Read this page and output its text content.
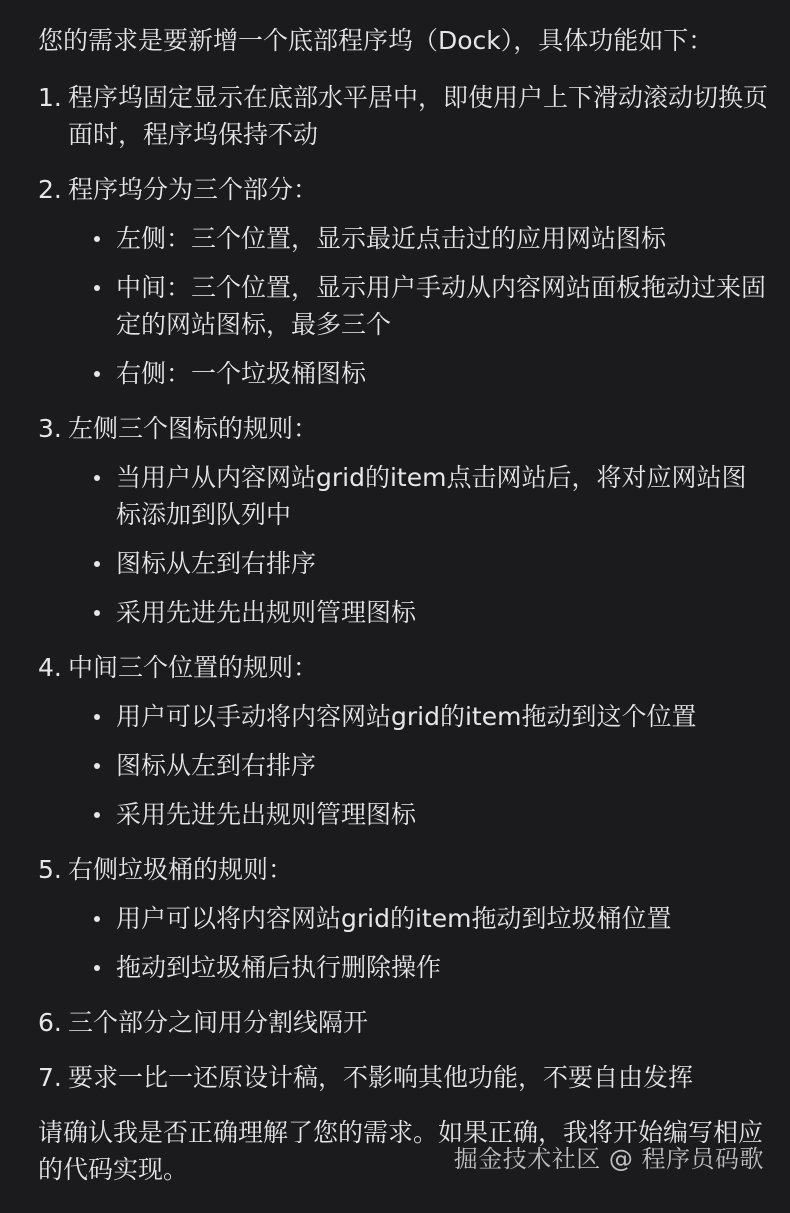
您的需求是要新增一个底部程序坞（Dock），具体功能如下：

1. 程序坞固定显示在底部水平居中，即使用户上下滑动滚动切换页面时，程序坞保持不动
2. 程序坞分为三个部分：
左侧：三个位置，显示最近点击过的应用网站图标
中间：三个位置，显示用户手动从内容网站面板拖动过来固定的网站图标，最多三个
右侧：一个垃圾桶图标
3. 左侧三个图标的规则：
当用户从内容网站grid的item点击网站后，将对应网站图标添加到队列中
图标从左到右排序
采用先进先出规则管理图标
4. 中间三个位置的规则：
用户可以手动将内容网站grid的item拖动到这个位置
图标从左到右排序
采用先进先出规则管理图标
5. 右侧垃圾桶的规则：
用户可以将内容网站grid的item拖动到垃圾桶位置
拖动到垃圾桶后执行删除操作
6. 三个部分之间用分割线隔开
7. 要求一比一还原设计稿，不影响其他功能，不要自由发挥

请确认我是否正确理解了您的需求。如果正确，我将开始编写相应的代码实现。	掘金技术社区 @ 程序员码歌
